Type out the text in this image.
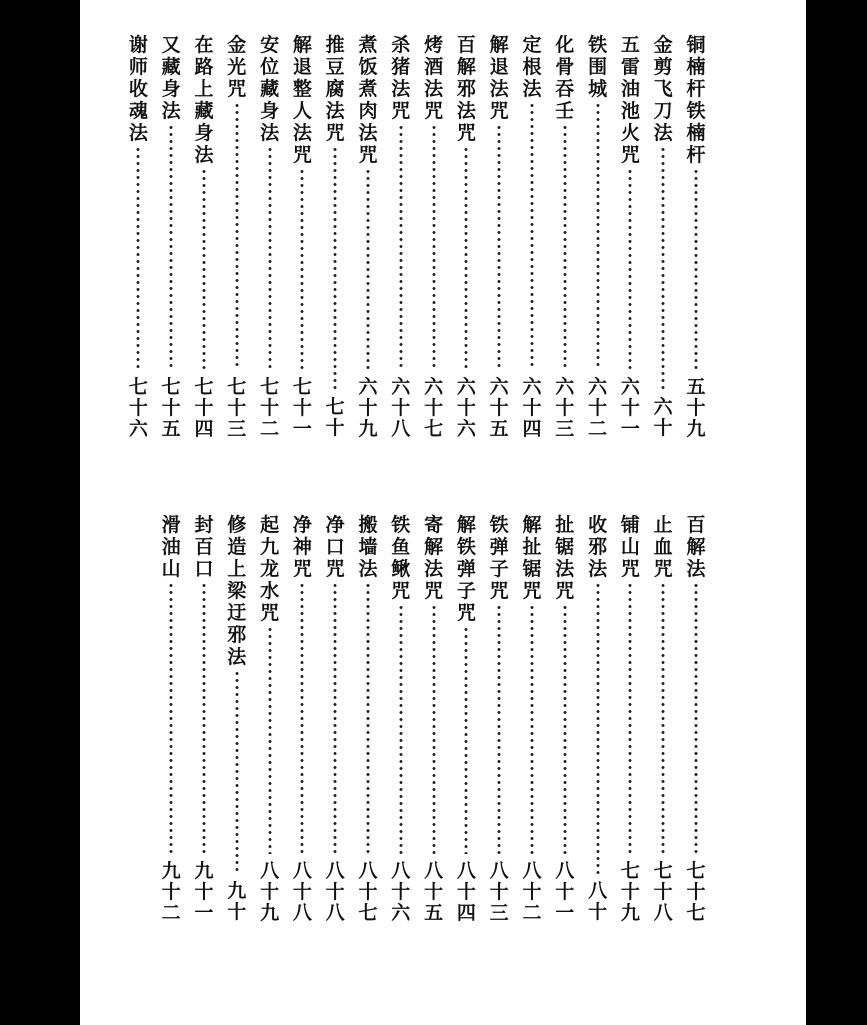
铜
楠
杆
铁
楠
杆
五
十
九
金
剪
飞
刀
法
六
十
五
雷
油
池
火
咒
六
十
一
铁
围
城
六
十
二
化
骨
吞
壬
六
十
三
定
根
法
六
十
四
解
退
法
咒
六
十
五
百
解
邪
法
咒
六
十
六
烤
酒
法
咒
六
十
七
杀
猪
法
咒
六
十
八
煮
饭
煮
肉
法
咒
六
十
九
推
豆
腐
法
咒
七
十
解
退
整
人
法
咒
七
十
一
安
位
藏
身
法
七
十
二
金
光
咒
七
十
三
在
路
上
藏
身
法
七
十
四
又
藏
身
法
七
十
五
谢
师
收
魂
法
七
十
六
百
解
法
七
十
七
止
血
咒
七
十
八
铺
山
咒
七
十
九
收
邪
法
八
十
扯
锯
法
咒
八
十
一
解
扯
锯
咒
八
十
二
铁
弹
子
咒
八
十
三
解
铁
弹
子
咒
八
十
四
寄
解
法
咒
八
十
五
铁
鱼
鳅
咒
八
十
六
搬
墙
法
八
十
七
净
口
咒
八
十
八
净
神
咒
八
十
八
起
九
龙
水
咒
八
十
九
修
造
上
梁
迂
邪
法
九
十
封
百
口
九
十
一
滑
油
山
九
十
二
